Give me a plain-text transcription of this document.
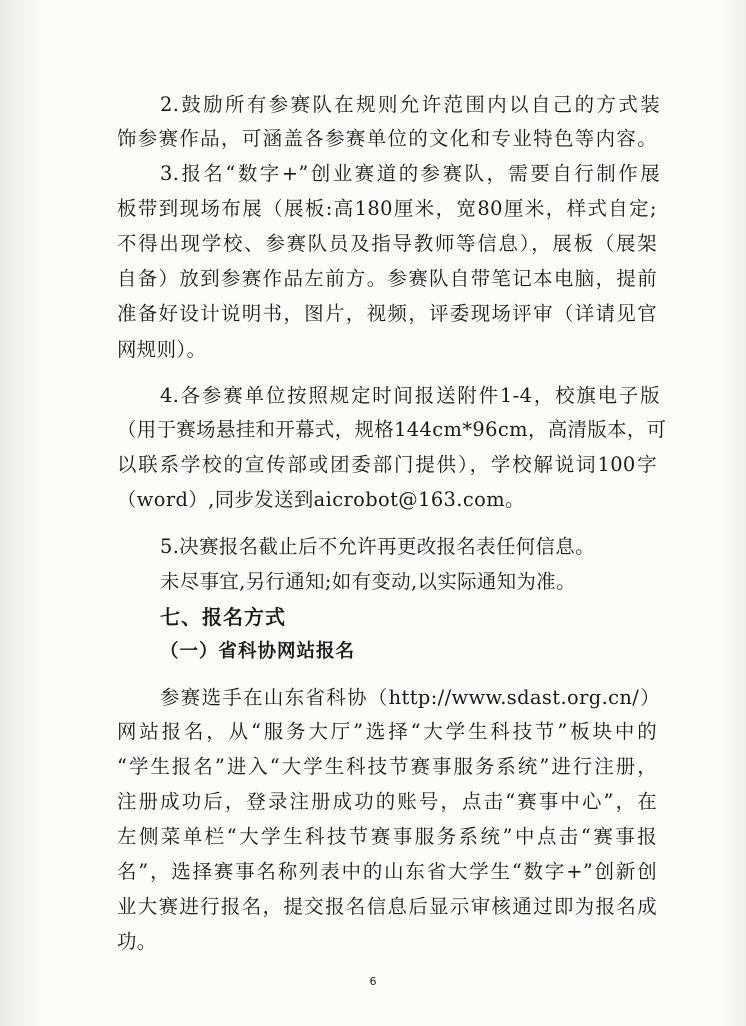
2.鼓励所有参赛队在规则允许范围内以自己的方式装
饰参赛作品，可涵盖各参赛单位的文化和专业特色等内容。
3.报名“数字+”创业赛道的参赛队，需要自行制作展
板带到现场布展（展板:高180厘米，宽80厘米，样式自定;
不得出现学校、参赛队员及指导教师等信息），展板（展架
自备）放到参赛作品左前方。参赛队自带笔记本电脑，提前
准备好设计说明书，图片，视频，评委现场评审（详请见官
网规则）。
4.各参赛单位按照规定时间报送附件1-4，校旗电子版
（用于赛场悬挂和开幕式，规格144cm*96cm，高清版本，可
以联系学校的宣传部或团委部门提供），学校解说词100字
（word）,同步发送到aicrobot@163.com。
5.决赛报名截止后不允许再更改报名表任何信息。
未尽事宜,另行通知;如有变动,以实际通知为准。
七、报名方式
（一）省科协网站报名
参赛选手在山东省科协（http://www.sdast.org.cn/）
网站报名，从“服务大厅”选择“大学生科技节”板块中的
“学生报名”进入“大学生科技节赛事服务系统”进行注册，
注册成功后，登录注册成功的账号，点击“赛事中心”，在
左侧菜单栏“大学生科技节赛事服务系统”中点击“赛事报
名”，选择赛事名称列表中的山东省大学生“数字+”创新创
业大赛进行报名，提交报名信息后显示审核通过即为报名成
功。
6
